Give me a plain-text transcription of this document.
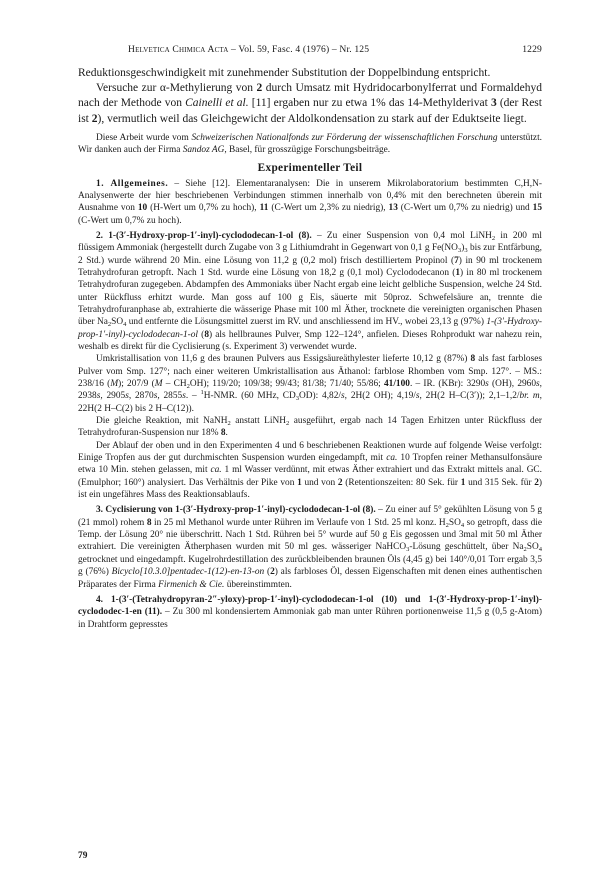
Helvetica Chimica Acta – Vol. 59, Fasc. 4 (1976) – Nr. 125	1229

Reduktionsgeschwindigkeit mit zunehmender Substitution der Doppelbindung entspricht.

Versuche zur α-Methylierung von 2 durch Umsatz mit Hydridocarbonylferrat und Formaldehyd nach der Methode von Cainelli et al. [11] ergaben nur zu etwa 1% das 14-Methylderivat 3 (der Rest ist 2), vermutlich weil das Gleichgewicht der Aldolkondensation zu stark auf der Eduktseite liegt.

Diese Arbeit wurde vom Schweizerischen Nationalfonds zur Förderung der wissenschaftlichen Forschung unterstützt. Wir danken auch der Firma Sandoz AG, Basel, für grosszügige Forschungsbeiträge.

Experimenteller Teil

1. Allgemeines. – Siehe [12]. Elementaranalysen: Die in unserem Mikrolaboratorium bestimmten C,H,N-Analysenwerte der hier beschriebenen Verbindungen stimmen innerhalb von 0,4% mit den berechneten überein mit Ausnahme von 10 (H-Wert um 0,7% zu hoch), 11 (C-Wert um 2,3% zu niedrig), 13 (C-Wert um 0,7% zu niedrig) und 15 (C-Wert um 0,7% zu hoch).

2. 1-(3′-Hydroxy-prop-1′-inyl)-cyclododecan-1-ol (8). – Zu einer Suspension von 0,4 mol LiNH$_2$ in 200 ml flüssigem Ammoniak (hergestellt durch Zugabe von 3 g Lithiumdraht in Gegenwart von 0,1 g $Fe(NO_3)_3$ bis zur Entfärbung, 2 Std.) wurde während 20 Min. eine Lösung von 11,2 g (0,2 mol) frisch destilliertem Propinol (7) in 90 ml trockenem Tetrahydrofuran getropft. Nach 1 Std. wurde eine Lösung von 18,2 g (0,1 mol) Cyclododecanon (1) in 80 ml trockenem Tetrahydrofuran zugegeben. Abdampfen des Ammoniaks über Nacht ergab eine leicht gelbliche Suspension, welche 24 Std. unter Rückfluss erhitzt wurde. Man goss auf 100 g Eis, säuerte mit 50proz. Schwefelsäure an, trennte die Tetrahydrofuranphase ab, extrahierte die wässerige Phase mit 100 ml Äther, trocknete die vereinigten organischen Phasen über $Na_2SO_4$ und entfernte die Lösungsmittel zuerst im RV. und anschliessend im HV., wobei 23,13 g (97%) 1-(3′-Hydroxy-prop-1′-inyl)-cyclododecan-1-ol (8) als hellbraunes Pulver, Smp 122–124°, anfielen. Dieses Rohprodukt war nahezu rein, weshalb es direkt für die Cyclisierung (s. Experiment 3) verwendet wurde.

Umkristallisation von 11,6 g des braunen Pulvers aus Essigsäureäthylester lieferte 10,12 g (87%) 8 als fast farbloses Pulver vom Smp. 127°; nach einer weiteren Umkristallisation aus Äthanol: farblose Rhomben vom Smp. 127°. – MS.: 238/16 (M); 207/9 $(M - CH_2OH)$; 119/20; 109/38; 99/43; 81/38; 71/40; 55/86; 41/100. – IR. (KBr): 3290s (OH), 2960s, 2938s, 2905s, 2870s, 2855s. – $^1$H-NMR. (60 MHz, $CD_3OD$): 4,82/s, 2H(2 OH); 4,19/s, 2H(2 H–C(3′)); 2,1–1,2/br. m, 22H(2 H–C(2) bis 2 H–C(12)).

Die gleiche Reaktion, mit NaNH$_2$ anstatt LiNH$_2$ ausgeführt, ergab nach 14 Tagen Erhitzen unter Rückfluss der Tetrahydrofuran-Suspension nur 18% 8.

Der Ablauf der oben und in den Experimenten 4 und 6 beschriebenen Reaktionen wurde auf folgende Weise verfolgt: Einige Tropfen aus der gut durchmischten Suspension wurden eingedampft, mit ca. 10 Tropfen reiner Methansulfonsäure etwa 10 Min. stehen gelassen, mit ca. 1 ml Wasser verdünnt, mit etwas Äther extrahiert und das Extrakt mittels anal. GC. (Emulphor; 160°) analysiert. Das Verhältnis der Pike von 1 und von 2 (Retentionszeiten: 80 Sek. für 1 und 315 Sek. für 2) ist ein ungefähres Mass des Reaktionsablaufs.

3. Cyclisierung von 1-(3′-Hydroxy-prop-1′-inyl)-cyclododecan-1-ol (8). – Zu einer auf 5° gekühlten Lösung von 5 g (21 mmol) rohem 8 in 25 ml Methanol wurde unter Rühren im Verlaufe von 1 Std. 25 ml konz. $H_2SO_4$ so getropft, dass die Temp. der Lösung 20° nie überschritt. Nach 1 Std. Rühren bei 5° wurde auf 50 g Eis gegossen und 3mal mit 50 ml Äther extrahiert. Die vereinigten Ätherphasen wurden mit 50 ml ges. wässeriger NaHCO$_3$-Lösung geschüttelt, über $Na_2SO_4$ getrocknet und eingedampft. Kugelrohrdestillation des zurückbleibenden braunen Öls (4,45 g) bei 140°/0,01 Torr ergab 3,5 g (76%) Bicyclo[10.3.0]pentadec-1(12)-en-13-on (2) als farbloses Öl, dessen Eigenschaften mit denen eines authentischen Präparates der Firma Firmenich & Cie. übereinstimmten.

4. 1-(3′-(Tetrahydropyran-2″-yloxy)-prop-1′-inyl)-cyclododecan-1-ol (10) und 1-(3′-Hydroxy-prop-1′-inyl)-cyclododec-1-en (11). – Zu 300 ml kondensiertem Ammoniak gab man unter Rühren portionenweise 11,5 g (0,5 g-Atom) in Drahtform gepresstes

79
